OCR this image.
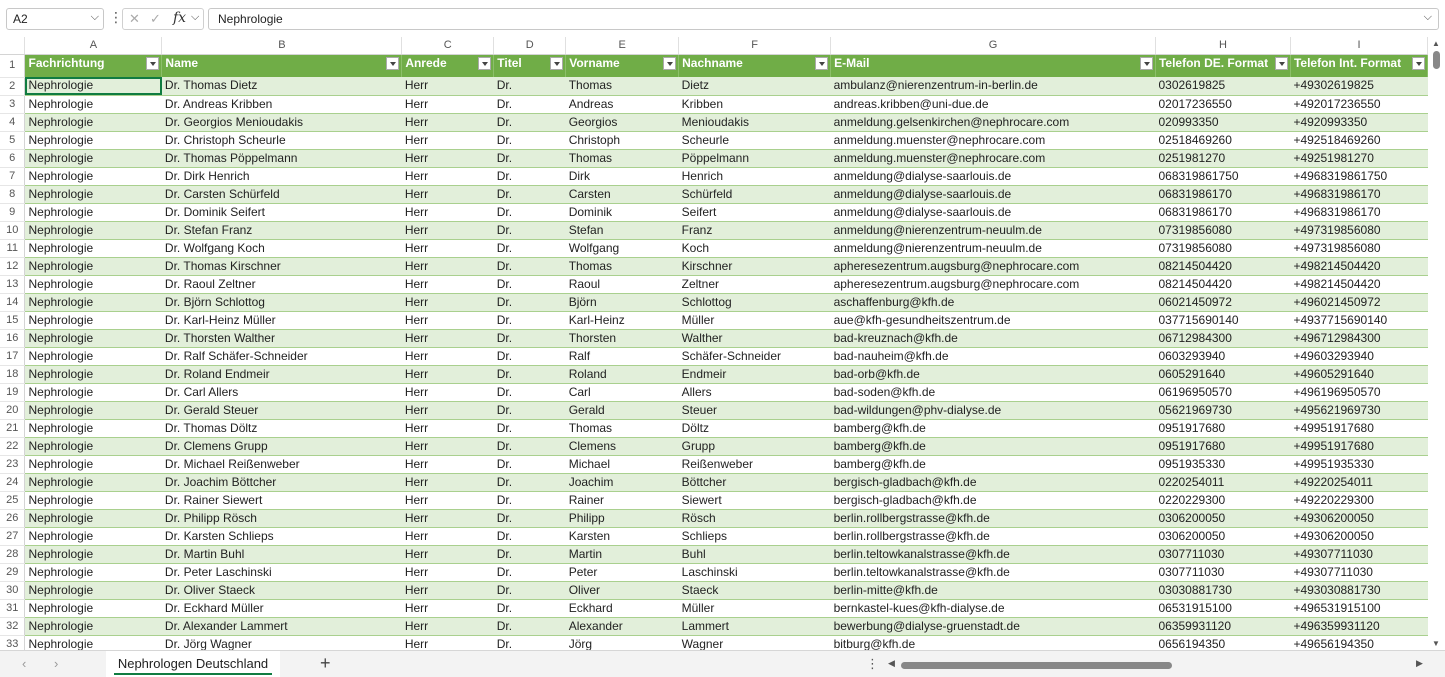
A2	⌵ ⋮ ✕ ✓ fx ⌵	Nephrologie	⌵
	A	B	C	D	E	F	G	H	I
1	Fachrichtung	Name	Anrede	Titel	Vorname	Nachname	E-Mail	Telefon DE. Format	Telefon Int. Format

2	Nephrologie	Dr. Thomas Dietz	Herr	Dr.	Thomas	Dietz	ambulanz@nierenzentrum-in-berlin.de	0302619825	+49302619825
3	Nephrologie	Dr. Andreas Kribben	Herr	Dr.	Andreas	Kribben	andreas.kribben@uni-due.de	02017236550	+492017236550
4	Nephrologie	Dr. Georgios Menioudakis	Herr	Dr.	Georgios	Menioudakis	anmeldung.gelsenkirchen@nephrocare.com	020993350	+4920993350
5	Nephrologie	Dr. Christoph Scheurle	Herr	Dr.	Christoph	Scheurle	anmeldung.muenster@nephrocare.com	02518469260	+492518469260
6	Nephrologie	Dr. Thomas Pöppelmann	Herr	Dr.	Thomas	Pöppelmann	anmeldung.muenster@nephrocare.com	0251981270	+49251981270
7	Nephrologie	Dr. Dirk Henrich	Herr	Dr.	Dirk	Henrich	anmeldung@dialyse-saarlouis.de	068319861750	+4968319861750
8	Nephrologie	Dr. Carsten Schürfeld	Herr	Dr.	Carsten	Schürfeld	anmeldung@dialyse-saarlouis.de	06831986170	+496831986170
9	Nephrologie	Dr. Dominik Seifert	Herr	Dr.	Dominik	Seifert	anmeldung@dialyse-saarlouis.de	06831986170	+496831986170
10	Nephrologie	Dr. Stefan Franz	Herr	Dr.	Stefan	Franz	anmeldung@nierenzentrum-neuulm.de	07319856080	+497319856080
11	Nephrologie	Dr. Wolfgang Koch	Herr	Dr.	Wolfgang	Koch	anmeldung@nierenzentrum-neuulm.de	07319856080	+497319856080
12	Nephrologie	Dr. Thomas Kirschner	Herr	Dr.	Thomas	Kirschner	apheresezentrum.augsburg@nephrocare.com	08214504420	+498214504420
13	Nephrologie	Dr. Raoul Zeltner	Herr	Dr.	Raoul	Zeltner	apheresezentrum.augsburg@nephrocare.com	08214504420	+498214504420
14	Nephrologie	Dr. Björn Schlottog	Herr	Dr.	Björn	Schlottog	aschaffenburg@kfh.de	06021450972	+496021450972
15	Nephrologie	Dr. Karl-Heinz Müller	Herr	Dr.	Karl-Heinz	Müller	aue@kfh-gesundheitszentrum.de	037715690140	+4937715690140
16	Nephrologie	Dr. Thorsten Walther	Herr	Dr.	Thorsten	Walther	bad-kreuznach@kfh.de	06712984300	+496712984300
17	Nephrologie	Dr. Ralf Schäfer-Schneider	Herr	Dr.	Ralf	Schäfer-Schneider	bad-nauheim@kfh.de	0603293940	+49603293940
18	Nephrologie	Dr. Roland Endmeir	Herr	Dr.	Roland	Endmeir	bad-orb@kfh.de	0605291640	+49605291640
19	Nephrologie	Dr. Carl Allers	Herr	Dr.	Carl	Allers	bad-soden@kfh.de	06196950570	+496196950570
20	Nephrologie	Dr. Gerald Steuer	Herr	Dr.	Gerald	Steuer	bad-wildungen@phv-dialyse.de	05621969730	+495621969730
21	Nephrologie	Dr. Thomas Döltz	Herr	Dr.	Thomas	Döltz	bamberg@kfh.de	0951917680	+49951917680
22	Nephrologie	Dr. Clemens Grupp	Herr	Dr.	Clemens	Grupp	bamberg@kfh.de	0951917680	+49951917680
23	Nephrologie	Dr. Michael Reißenweber	Herr	Dr.	Michael	Reißenweber	bamberg@kfh.de	0951935330	+49951935330
24	Nephrologie	Dr. Joachim Böttcher	Herr	Dr.	Joachim	Böttcher	bergisch-gladbach@kfh.de	0220254011	+49220254011
25	Nephrologie	Dr. Rainer Siewert	Herr	Dr.	Rainer	Siewert	bergisch-gladbach@kfh.de	0220229300	+49220229300
26	Nephrologie	Dr. Philipp Rösch	Herr	Dr.	Philipp	Rösch	berlin.rollbergstrasse@kfh.de	0306200050	+49306200050
27	Nephrologie	Dr. Karsten Schlieps	Herr	Dr.	Karsten	Schlieps	berlin.rollbergstrasse@kfh.de	0306200050	+49306200050
28	Nephrologie	Dr. Martin Buhl	Herr	Dr.	Martin	Buhl	berlin.teltowkanalstrasse@kfh.de	0307711030	+49307711030
29	Nephrologie	Dr. Peter Laschinski	Herr	Dr.	Peter	Laschinski	berlin.teltowkanalstrasse@kfh.de	0307711030	+49307711030
30	Nephrologie	Dr. Oliver Staeck	Herr	Dr.	Oliver	Staeck	berlin-mitte@kfh.de	03030881730	+493030881730
31	Nephrologie	Dr. Eckhard Müller	Herr	Dr.	Eckhard	Müller	bernkastel-kues@kfh-dialyse.de	06531915100	+496531915100
32	Nephrologie	Dr. Alexander Lammert	Herr	Dr.	Alexander	Lammert	bewerbung@dialyse-gruenstadt.de	06359931120	+496359931120
33	Nephrologie	Dr. Jörg Wagner	Herr	Dr.	Jörg	Wagner	bitburg@kfh.de	0656194350	+49656194350
▲
▼
‹ ›	Nephrologen Deutschland	+	⋮ ◀	▶
